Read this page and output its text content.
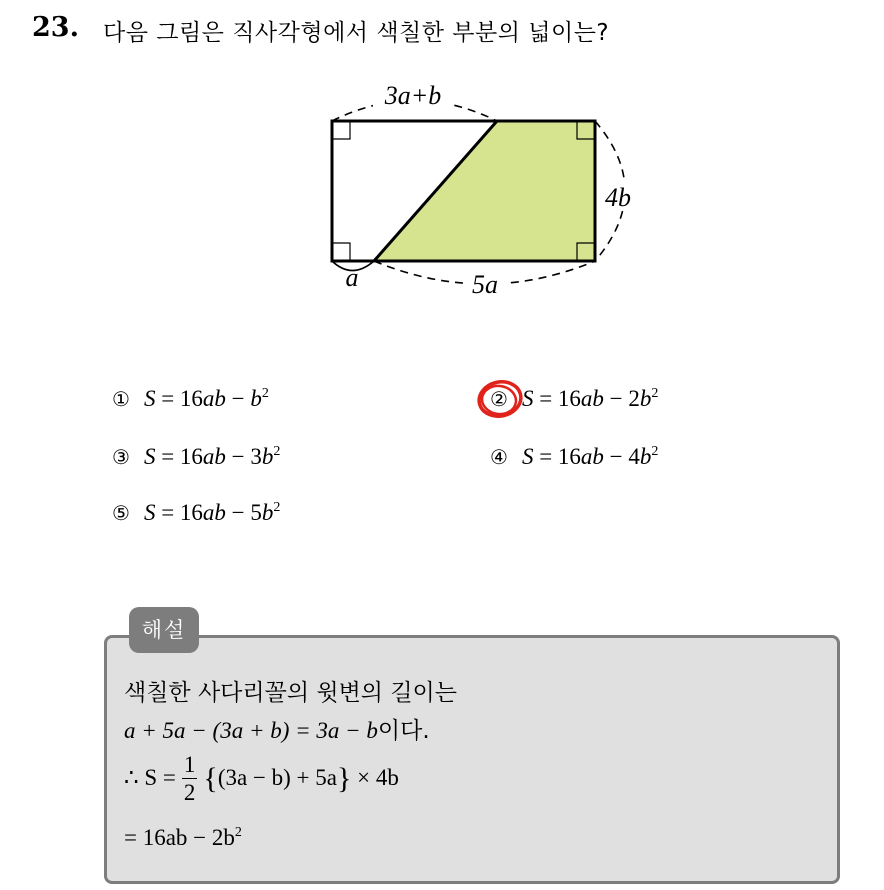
23. 다음 그림은 직사각형에서 색칠한 부분의 넓이는?
3a+b
4b
a	5a
① $S = 16ab - b^2$	② $S = 16ab - 2b^2$
③ $S = 16ab - 3b^2$	④ $S = 16ab - 4b^2$
⑤ $S = 16ab - 5b^2$
해설
색칠한 사다리꼴의 윗변의 길이는
a + 5a − (3a + b) = 3a − b이다.
∴ $S = \frac{1}{2} \{(3a - b) + 5a\} \times 4b$
= $16ab - 2b^2$
